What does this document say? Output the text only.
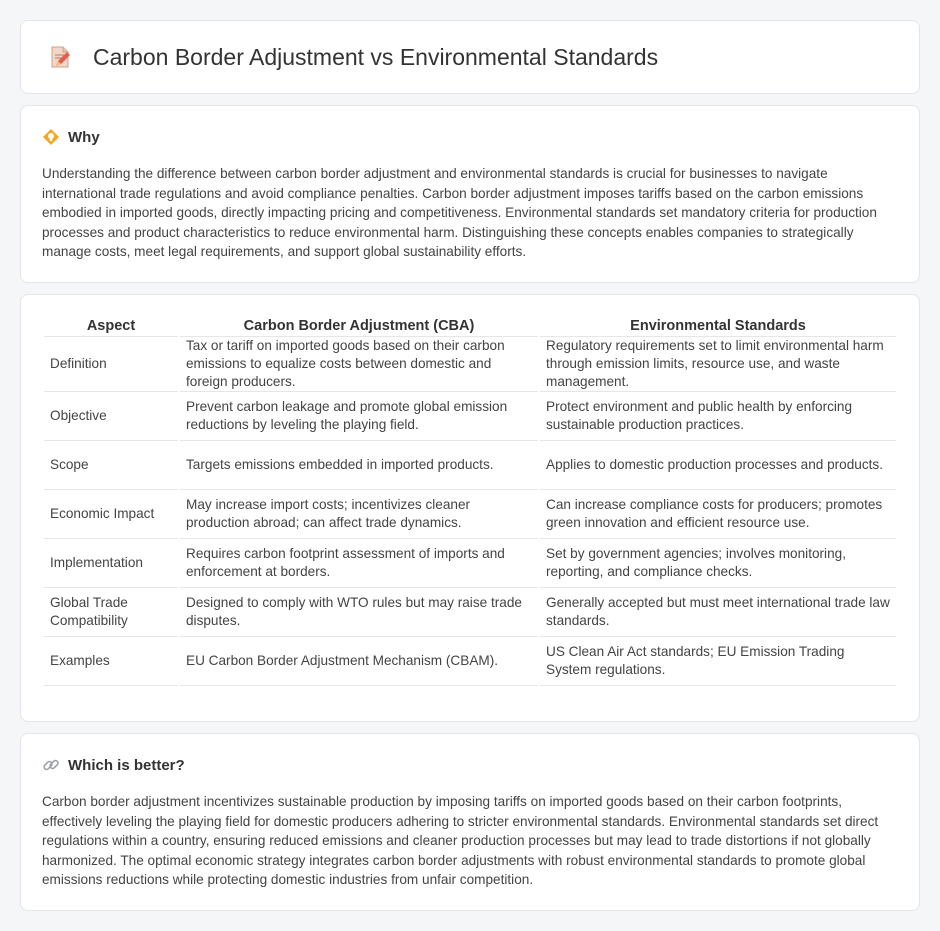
Carbon Border Adjustment vs Environmental Standards
Why

Understanding the difference between carbon border adjustment and environmental standards is crucial for businesses to navigate international trade regulations and avoid compliance penalties. Carbon border adjustment imposes tariffs based on the carbon emissions embodied in imported goods, directly impacting pricing and competitiveness. Environmental standards set mandatory criteria for production processes and product characteristics to reduce environmental harm. Distinguishing these concepts enables companies to strategically manage costs, meet legal requirements, and support global sustainability efforts.

Aspect	Carbon Border Adjustment (CBA)	Environmental Standards
Definition	Tax or tariff on imported goods based on their carbon emissions to equalize costs between domestic and foreign producers.	Regulatory requirements set to limit environmental harm through emission limits, resource use, and waste management.
Objective	Prevent carbon leakage and promote global emission reductions by leveling the playing field.	Protect environment and public health by enforcing sustainable production practices.
Scope	Targets emissions embedded in imported products.	Applies to domestic production processes and products.
Economic Impact	May increase import costs; incentivizes cleaner production abroad; can affect trade dynamics.	Can increase compliance costs for producers; promotes green innovation and efficient resource use.
Implementation	Requires carbon footprint assessment of imports and enforcement at borders.	Set by government agencies; involves monitoring, reporting, and compliance checks.
Global Trade Compatibility	Designed to comply with WTO rules but may raise trade disputes.	Generally accepted but must meet international trade law standards.
Examples	EU Carbon Border Adjustment Mechanism (CBAM).	US Clean Air Act standards; EU Emission Trading System regulations.
Which is better?

Carbon border adjustment incentivizes sustainable production by imposing tariffs on imported goods based on their carbon footprints, effectively leveling the playing field for domestic producers adhering to stricter environmental standards. Environmental standards set direct regulations within a country, ensuring reduced emissions and cleaner production processes but may lead to trade distortions if not globally harmonized. The optimal economic strategy integrates carbon border adjustments with robust environmental standards to promote global emissions reductions while protecting domestic industries from unfair competition.
